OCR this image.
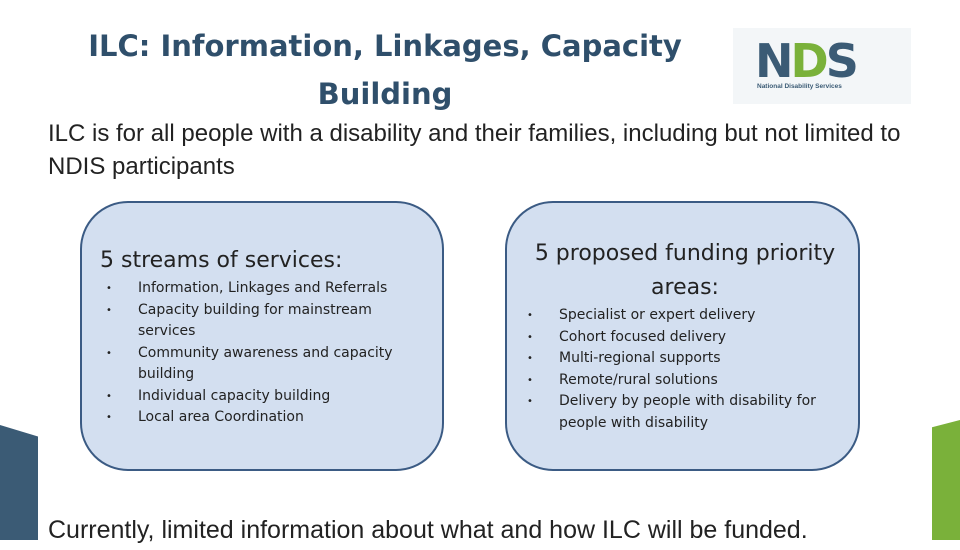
ILC: Information, Linkages, Capacity Building
NDS
National Disability Services
ILC is for all people with a disability and their families, including but not limited to NDIS participants
5 streams of services:
• Information, Linkages and Referrals
• Capacity building for mainstream services
• Community awareness and capacity building
• Individual capacity building
• Local area Coordination
5 proposed funding priority areas:
• Specialist or expert delivery
• Cohort focused delivery
• Multi-regional supports
• Remote/rural solutions
• Delivery by people with disability for people with disability
Currently, limited information about what and how ILC will be funded.
